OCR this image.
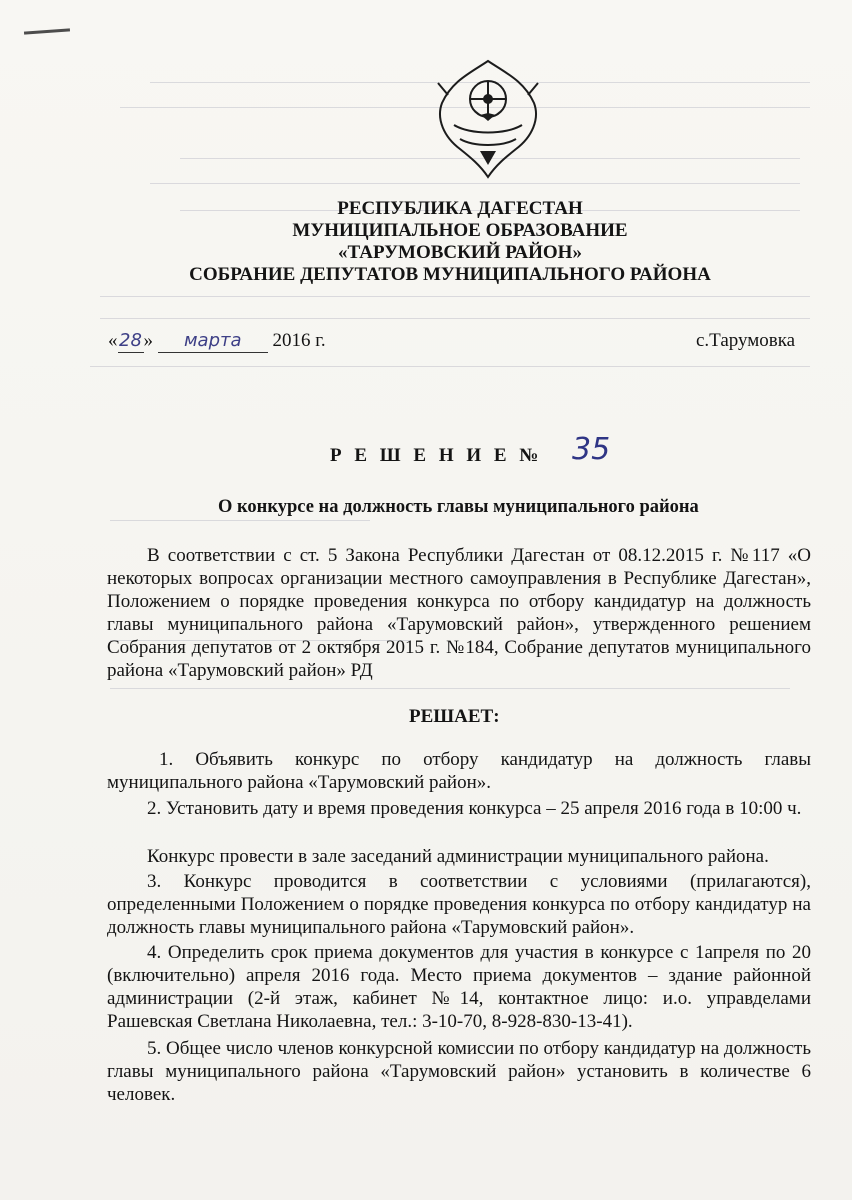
РЕСПУБЛИКА ДАГЕСТАН
МУНИЦИПАЛЬНОЕ ОБРАЗОВАНИЕ
«ТАРУМОВСКИЙ РАЙОН»
СОБРАНИЕ ДЕПУТАТОВ МУНИЦИПАЛЬНОГО РАЙОНА
«28» марта 2016 г.	с.Тарумовка
Р Е Ш Е Н И Е № 35
О конкурсе на должность главы муниципального района
В соответствии с ст. 5 Закона Республики Дагестан от 08.12.2015 г. №117 «О некоторых вопросах организации местного самоуправления в Республике Дагестан», Положением о порядке проведения конкурса по отбору кандидатур на должность главы муниципального района «Тарумовский район», утвержденного решением Собрания депутатов от 2 октября 2015 г. №184, Собрание депутатов муниципального района «Тарумовский район» РД
РЕШАЕТ:
1. Объявить конкурс по отбору кандидатур на должность главы муниципального района «Тарумовский район».
2. Установить дату и время проведения конкурса – 25 апреля 2016 года в 10:00 ч.
Конкурс провести в зале заседаний администрации муниципального района.
3. Конкурс проводится в соответствии с условиями (прилагаются), определенными Положением о порядке проведения конкурса по отбору кандидатур на должность главы муниципального района «Тарумовский район».
4. Определить срок приема документов для участия в конкурсе с 1апреля по 20 (включительно) апреля 2016 года. Место приема документов – здание районной администрации (2-й этаж, кабинет №14, контактное лицо: и.о. управделами Рашевская Светлана Николаевна, тел.: 3-10-70, 8-928-830-13-41).
5. Общее число членов конкурсной комиссии по отбору кандидатур на должность главы муниципального района «Тарумовский район» установить в количестве 6 человек.
